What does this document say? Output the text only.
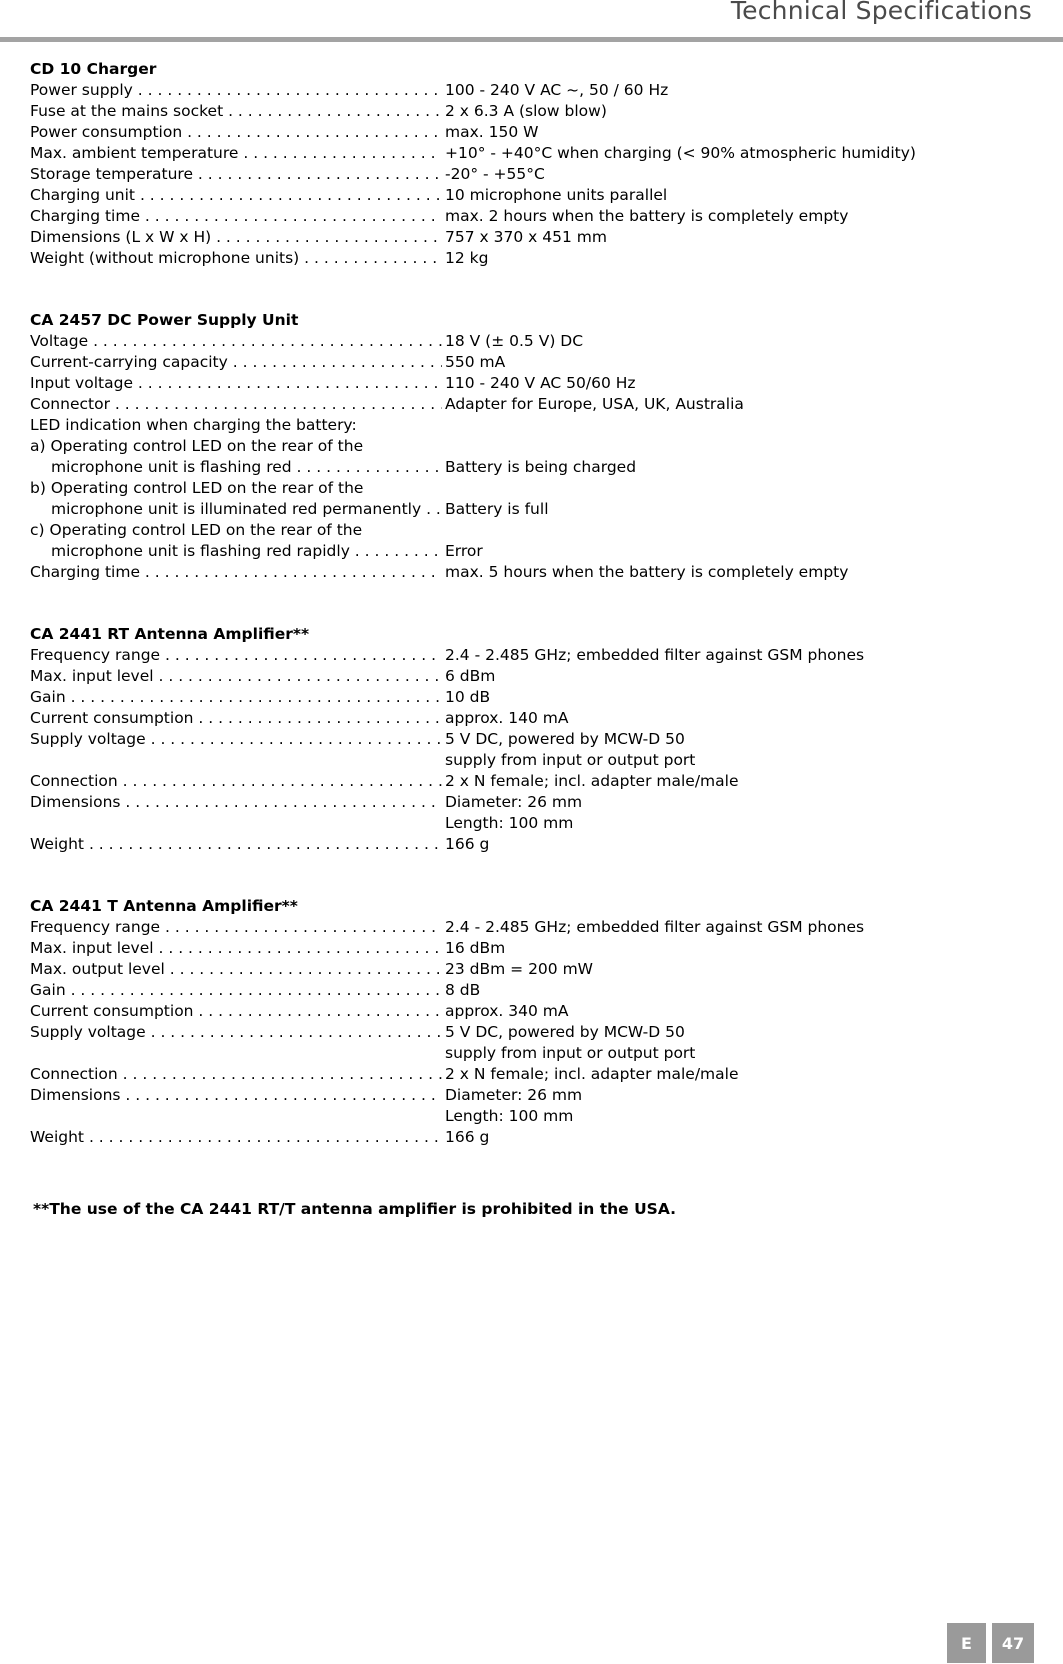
Technical Specifications
CD 10 Charger
Power supply . . .	100 - 240 V AC ~, 50 / 60 Hz
Fuse at the mains socket . . .	2 x 6.3 A (slow blow)
Power consumption . . .	max. 150 W
Max. ambient temperature . . .	+10° - +40°C when charging (< 90% atmospheric humidity)
Storage temperature . . .	-20° - +55°C
Charging unit . . .	10 microphone units parallel
Charging time . . .	max. 2 hours when the battery is completely empty
Dimensions (L x W x H) . . .	757 x 370 x 451 mm
Weight (without microphone units) . . .	12 kg
CA 2457 DC Power Supply Unit
Voltage . . .	18 V (± 0.5 V) DC
Current-carrying capacity . . .	550 mA
Input voltage . . .	110 - 240 V AC 50/60 Hz
Connector . . .	Adapter for Europe, USA, UK, Australia
LED indication when charging the battery:
a) Operating control LED on the rear of the
microphone unit is flashing red . . .	Battery is being charged
b) Operating control LED on the rear of the
microphone unit is illuminated red permanently . . .	Battery is full
c) Operating control LED on the rear of the
microphone unit is flashing red rapidly . . .	Error
Charging time . . .	max. 5 hours when the battery is completely empty
CA 2441 RT Antenna Amplifier**
Frequency range . . .	2.4 - 2.485 GHz; embedded filter against GSM phones
Max. input level . . .	6 dBm
Gain . . .	10 dB
Current consumption . . .	approx. 140 mA
Supply voltage . . .	5 V DC, powered by MCW-D 50
supply from input or output port
Connection . . .	2 x N female; incl. adapter male/male
Dimensions . . .	Diameter: 26 mm
Length: 100 mm
Weight . . .	166 g
CA 2441 T Antenna Amplifier**
Frequency range . . .	2.4 - 2.485 GHz; embedded filter against GSM phones
Max. input level . . .	16 dBm
Max. output level . . .	23 dBm = 200 mW
Gain . . .	8 dB
Current consumption . . .	approx. 340 mA
Supply voltage . . .	5 V DC, powered by MCW-D 50
supply from input or output port
Connection . . .	2 x N female; incl. adapter male/male
Dimensions . . .	Diameter: 26 mm
Length: 100 mm
Weight . . .	166 g
**The use of the CA 2441 RT/T antenna amplifier is prohibited in the USA.
E	47
